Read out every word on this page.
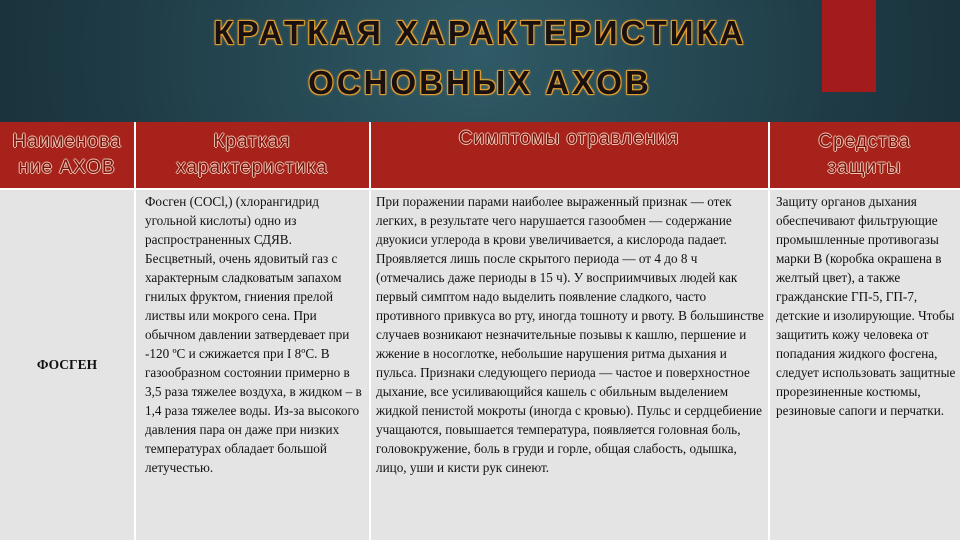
КРАТКАЯ ХАРАКТЕРИСТИКА
ОСНОВНЫХ АХОВ
Наименова
ние АХОВ
Краткая
характеристика
Симптомы отравления	Средства
защиты
ФОСГЕН
Фосген (COCl,) (хлорангидрид угольной кислоты) одно из распространенных СДЯВ. Бесцветный, очень ядовитый газ с характерным сладковатым запахом гнилых фруктом, гниения прелой листвы или мокрого сена. При обычном давлении затвердевает при -120 ºС и сжижается при I 8ºС. В газообразном состоянии примерно в 3,5 раза тяжелее воздуха, в жидком – в 1,4 раза тяжелее воды. Из-за высокого давления пара он даже при низких температурах обладает большой летучестью.
При поражении парами наиболее выраженный признак — отек легких, в результате чего нарушается газообмен — содержание двуокиси углерода в крови увеличивается, а кислорода падает. Проявляется лишь после скрытого периода — от 4 до 8 ч (отмечались даже периоды в 15 ч). У восприимчивых людей как первый симптом надо выделить появление сладкого, часто противного привкуса во рту, иногда тошноту и рвоту. В большинстве случаев возникают незначительные позывы к кашлю, першение и жжение в носоглотке, небольшие нарушения ритма дыхания и пульса. Признаки следующего периода — частое и поверхностное дыхание, все усиливающийся кашель с обильным выделением жидкой пенистой мокроты (иногда с кровью). Пульс и сердцебиение учащаются, повышается температура, появляется головная боль, головокружение, боль в груди и горле, общая слабость, одышка, лицо, уши и кисти рук синеют.
Защиту органов дыхания обеспечивают фильтрующие промышленные противогазы марки В (коробка окрашена в желтый цвет), а также гражданские ГП-5, ГП-7, детские и изолирующие. Чтобы защитить кожу человека от попадания жидкого фосгена, следует использовать защитные прорезиненные костюмы, резиновые сапоги и перчатки.
